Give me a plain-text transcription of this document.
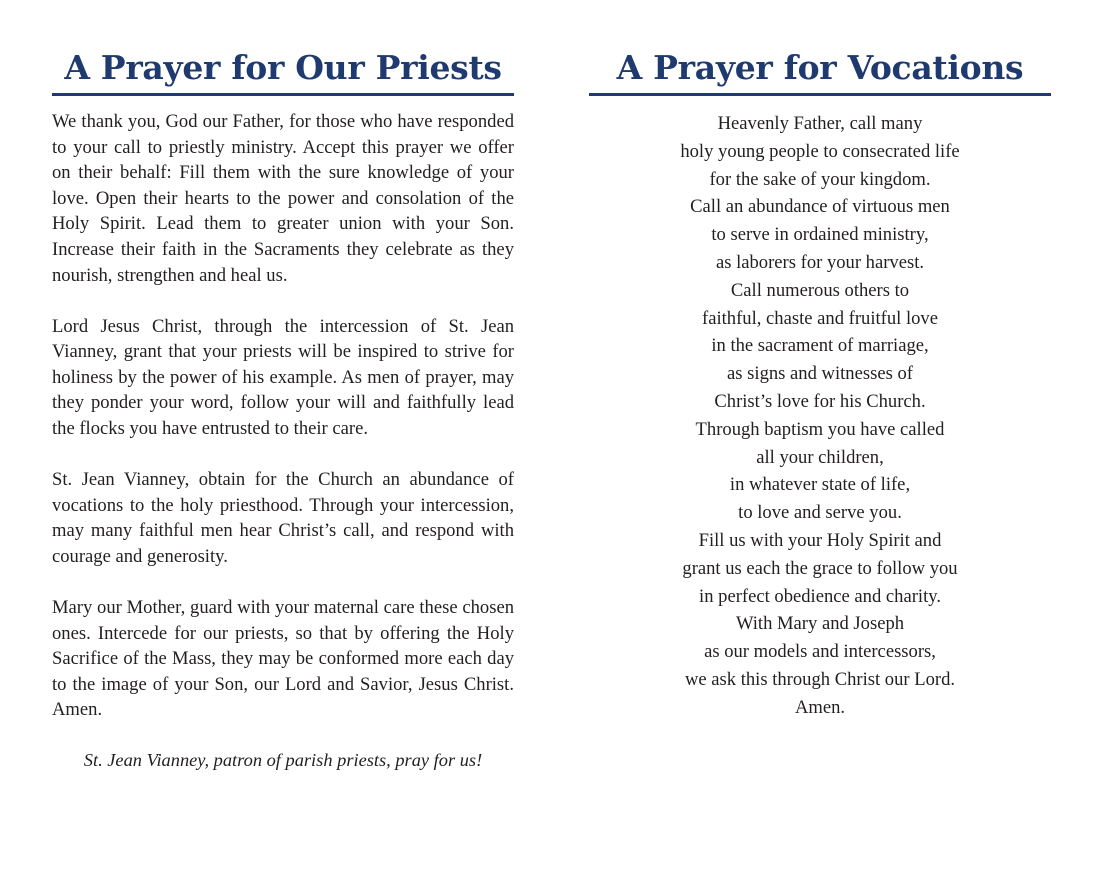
A Prayer for Our Priests

We thank you, God our Father, for those who have responded to your call to priestly ministry. Accept this prayer we offer on their behalf: Fill them with the sure knowledge of your love. Open their hearts to the power and consolation of the Holy Spirit. Lead them to greater union with your Son. Increase their faith in the Sacraments they celebrate as they nourish, strengthen and heal us.

Lord Jesus Christ, through the intercession of St. Jean Vianney, grant that your priests will be inspired to strive for holiness by the power of his example. As men of prayer, may they ponder your word, follow your will and faithfully lead the flocks you have entrusted to their care.

St. Jean Vianney, obtain for the Church an abundance of vocations to the holy priesthood. Through your intercession, may many faithful men hear Christ’s call, and respond with courage and generosity.

Mary our Mother, guard with your maternal care these chosen ones. Intercede for our priests, so that by offering the Holy Sacrifice of the Mass, they may be conformed more each day to the image of your Son, our Lord and Savior, Jesus Christ. Amen.

St. Jean Vianney, patron of parish priests, pray for us!

A Prayer for Vocations
Heavenly Father, call many
holy young people to consecrated life
for the sake of your kingdom.
Call an abundance of virtuous men
to serve in ordained ministry,
as laborers for your harvest.
Call numerous others to
faithful, chaste and fruitful love
in the sacrament of marriage,
as signs and witnesses of
Christ’s love for his Church.
Through baptism you have called
all your children,
in whatever state of life,
to love and serve you.
Fill us with your Holy Spirit and
grant us each the grace to follow you
in perfect obedience and charity.
With Mary and Joseph
as our models and intercessors,
we ask this through Christ our Lord.
Amen.
